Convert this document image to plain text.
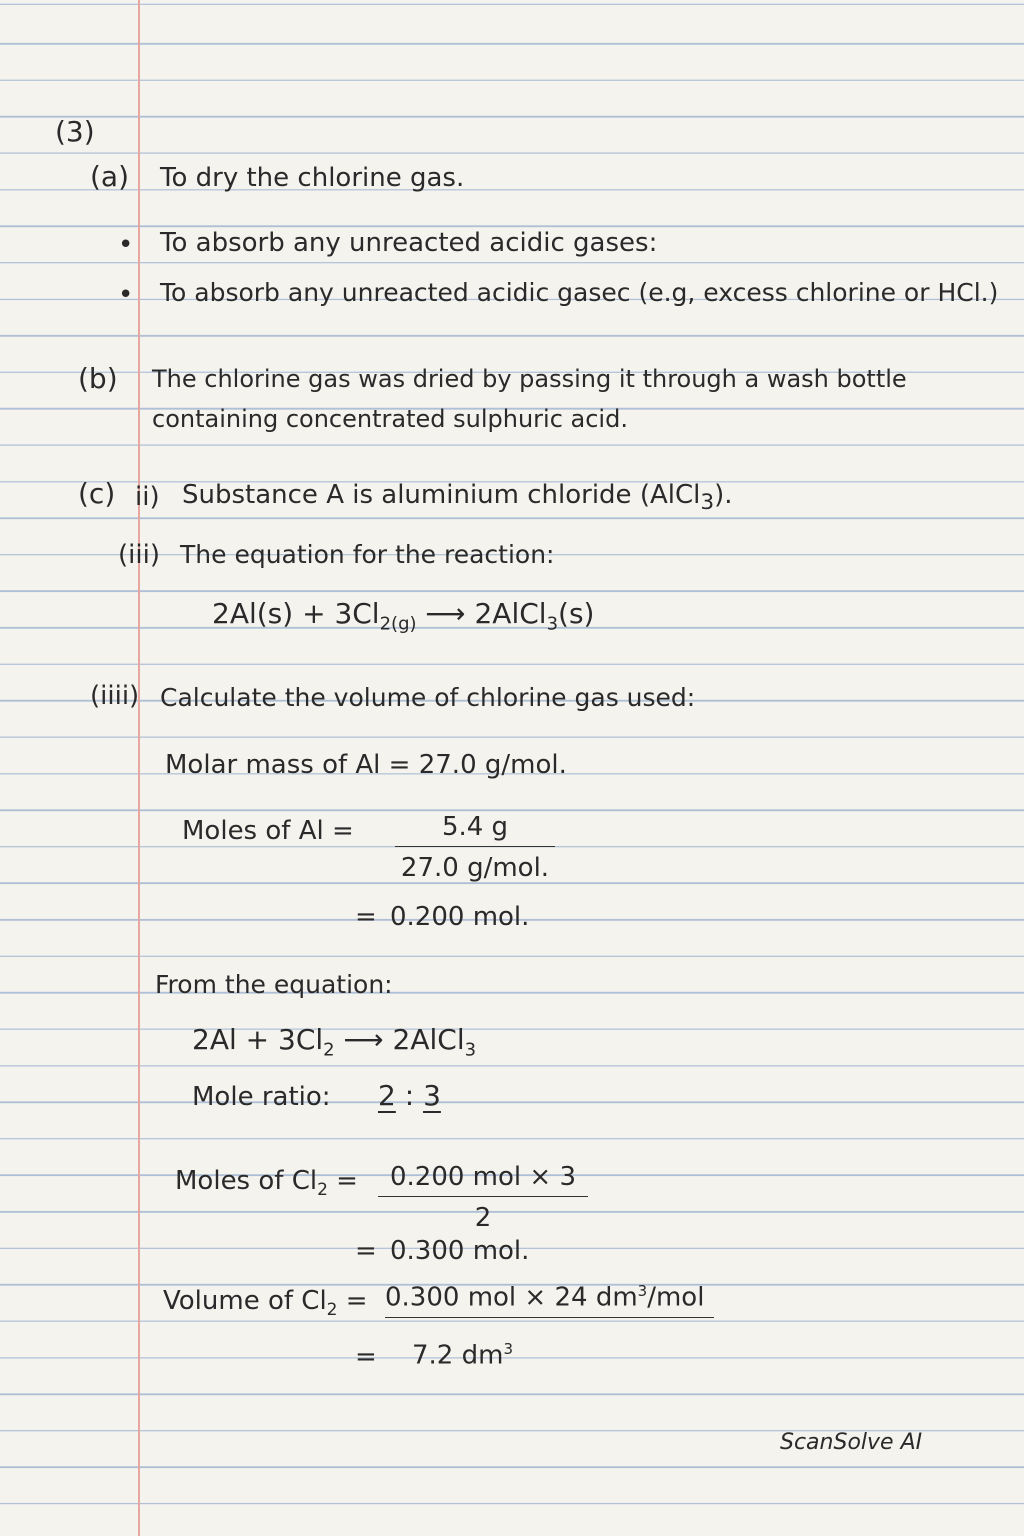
(3)
(a) To dry the chlorine gas.
• To absorb any unreacted acidic gases:
• To absorb any unreacted acidic gasec (e.g, excess chlorine or HCl.)
(b) The chlorine gas was dried by passing it through a wash bottle
containing concentrated sulphuric acid.
(c) ii) Substance A is aluminium chloride (AlCl$_3$).
(iii) The equation for the reaction:
$2Al(s) + 3Cl_{2(g)}$ ⟶ 2AlCl$_3$(s)
(iiii) Calculate the volume of chlorine gas used:
Molar mass of Al = 27.0 g/mol.
Moles of Al =	5.4 g
27.0 g/mol.
= 0.200 mol.
From the equation:
$2Al + 3Cl_2$ ⟶ 2AlCl$_3$
Mole ratio: 2 : 3
Moles of $Cl_2$ =	0.200 mol × 3
2
= 0.300 mol.
Volume of $Cl_2 = 0.300$ mol × 24 $dm^3$/mol
= 7.2 $dm^3$
ScanSolve AI
